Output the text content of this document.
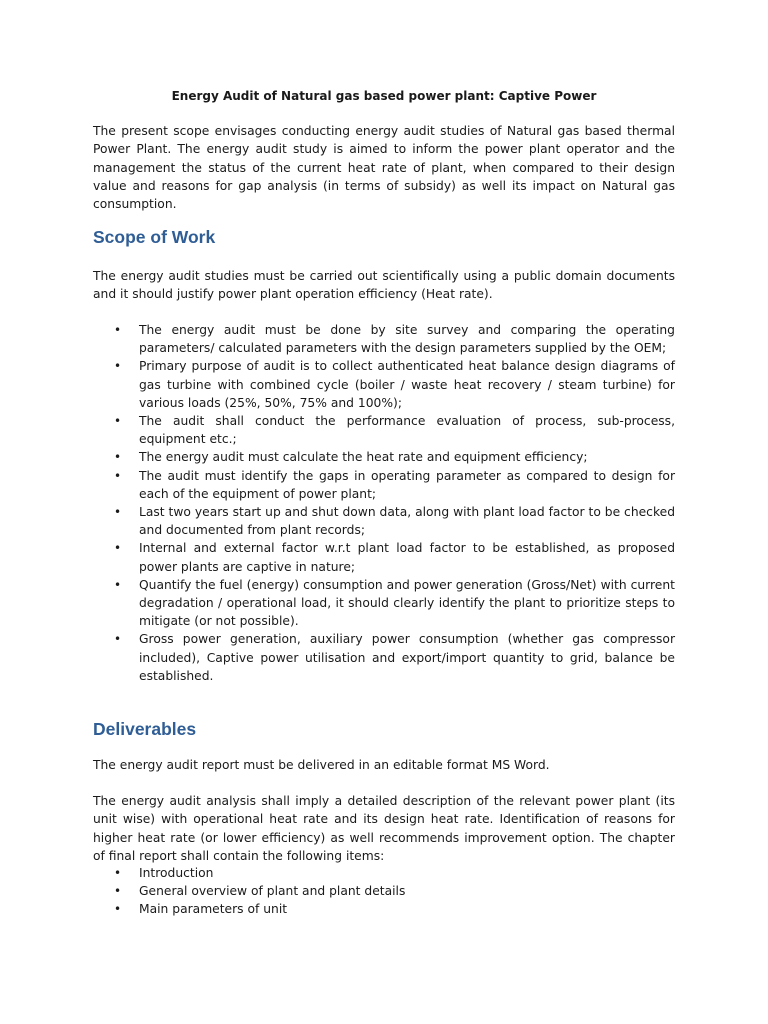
Energy Audit of Natural gas based power plant: Captive Power

The present scope envisages conducting energy audit studies of Natural gas based thermal Power Plant. The energy audit study is aimed to inform the power plant operator and the management the status of the current heat rate of plant, when compared to their design value and reasons for gap analysis (in terms of subsidy) as well its impact on Natural gas consumption.

Scope of Work

The energy audit studies must be carried out scientifically using a public domain documents and it should justify power plant operation efficiency (Heat rate).

• The energy audit must be done by site survey and comparing the operating parameters/ calculated parameters with the design parameters supplied by the OEM;
• Primary purpose of audit is to collect authenticated heat balance design diagrams of gas turbine with combined cycle (boiler / waste heat recovery / steam turbine) for various loads (25%, 50%, 75% and 100%);
• The audit shall conduct the performance evaluation of process, sub-process, equipment etc.;
• The energy audit must calculate the heat rate and equipment efficiency;
• The audit must identify the gaps in operating parameter as compared to design for each of the equipment of power plant;
• Last two years start up and shut down data, along with plant load factor to be checked and documented from plant records;
• Internal and external factor w.r.t plant load factor to be established, as proposed power plants are captive in nature;
• Quantify the fuel (energy) consumption and power generation (Gross/Net) with current degradation / operational load, it should clearly identify the plant to prioritize steps to mitigate (or not possible).
• Gross power generation, auxiliary power consumption (whether gas compressor included), Captive power utilisation and export/import quantity to grid, balance be established.
Deliverables

The energy audit report must be delivered in an editable format MS Word.

The energy audit analysis shall imply a detailed description of the relevant power plant (its unit wise) with operational heat rate and its design heat rate. Identification of reasons for higher heat rate (or lower efficiency) as well recommends improvement option. The chapter of final report shall contain the following items:

• Introduction
• General overview of plant and plant details
• Main parameters of unit
